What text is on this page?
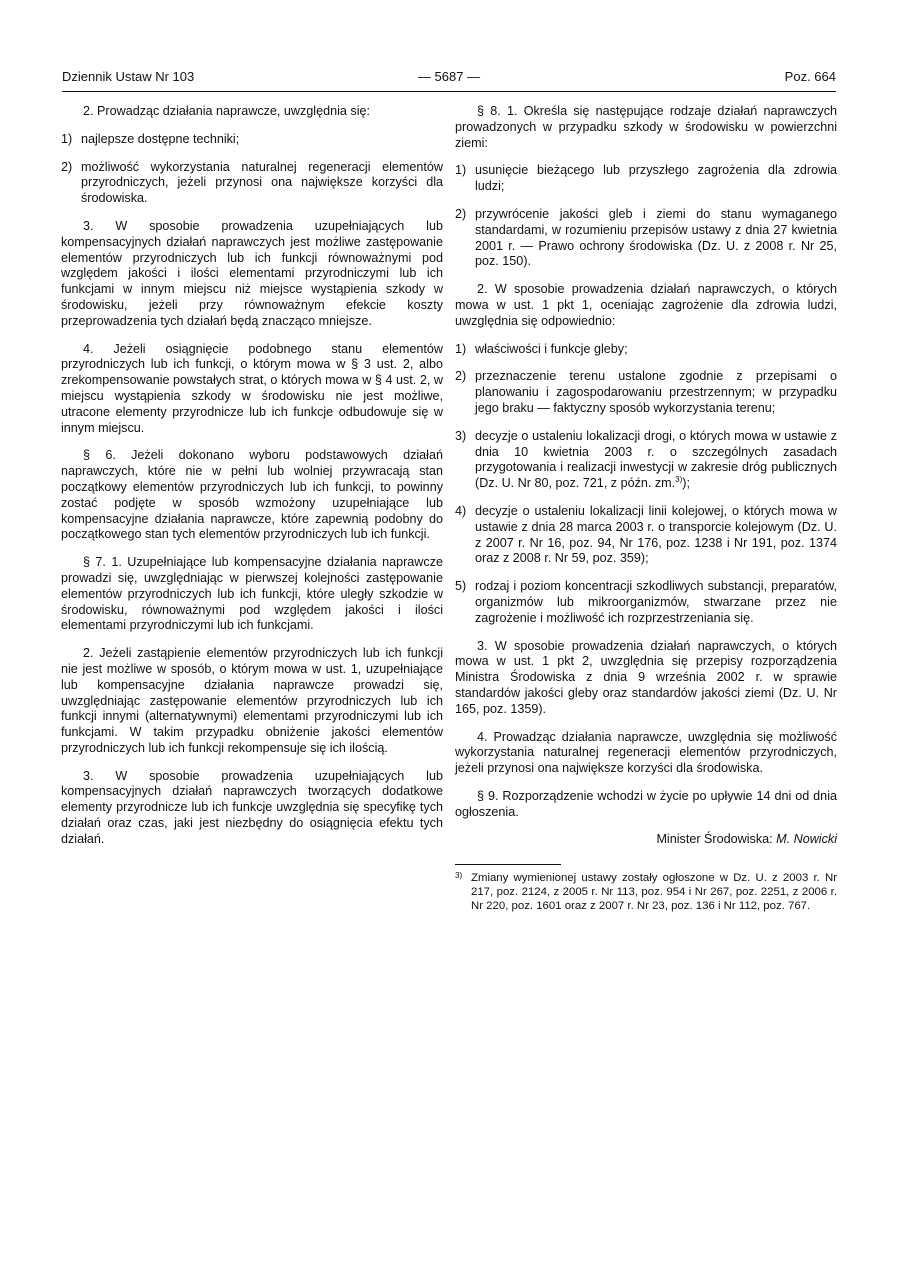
Dziennik Ustaw Nr 103	— 5687 —	Poz. 664

2. Prowadząc działania naprawcze, uwzględnia się:

1) najlepsze dostępne techniki;
2) możliwość wykorzystania naturalnej regeneracji elementów przyrodniczych, jeżeli przynosi ona największe korzyści dla środowiska.

3. W sposobie prowadzenia uzupełniających lub kompensacyjnych działań naprawczych jest możliwe zastępowanie elementów przyrodniczych lub ich funkcji równoważnymi pod względem jakości i ilości elementami przyrodniczymi lub ich funkcjami w innym miejscu niż miejsce wystąpienia szkody w środowisku, jeżeli przy równoważnym efekcie koszty przeprowadzenia tych działań będą znacząco mniejsze.

4. Jeżeli osiągnięcie podobnego stanu elementów przyrodniczych lub ich funkcji, o którym mowa w § 3 ust. 2, albo zrekompensowanie powstałych strat, o których mowa w § 4 ust. 2, w miejscu wystąpienia szkody w środowisku nie jest możliwe, utracone elementy przyrodnicze lub ich funkcje odbudowuje się w innym miejscu.

§ 6. Jeżeli dokonano wyboru podstawowych działań naprawczych, które nie w pełni lub wolniej przywracają stan początkowy elementów przyrodniczych lub ich funkcji, to powinny zostać podjęte w sposób wzmożony uzupełniające lub kompensacyjne działania naprawcze, które zapewnią podobny do początkowego stan tych elementów przyrodniczych lub ich funkcji.

§ 7. 1. Uzupełniające lub kompensacyjne działania naprawcze prowadzi się, uwzględniając w pierwszej kolejności zastępowanie elementów przyrodniczych lub ich funkcji, które uległy szkodzie w środowisku, równoważnymi pod względem jakości i ilości elementami przyrodniczymi lub ich funkcjami.

2. Jeżeli zastąpienie elementów przyrodniczych lub ich funkcji nie jest możliwe w sposób, o którym mowa w ust. 1, uzupełniające lub kompensacyjne działania naprawcze prowadzi się, uwzględniając zastępowanie elementów przyrodniczych lub ich funkcji innymi (alternatywnymi) elementami przyrodniczymi lub ich funkcjami. W takim przypadku obniżenie jakości elementów przyrodniczych lub ich funkcji rekompensuje się ich ilością.

3. W sposobie prowadzenia uzupełniających lub kompensacyjnych działań naprawczych tworzących dodatkowe elementy przyrodnicze lub ich funkcje uwzględnia się specyfikę tych działań oraz czas, jaki jest niezbędny do osiągnięcia efektu tych działań.

§ 8. 1. Określa się następujące rodzaje działań naprawczych prowadzonych w przypadku szkody w środowisku w powierzchni ziemi:

1) usunięcie bieżącego lub przyszłego zagrożenia dla zdrowia ludzi;
2) przywrócenie jakości gleb i ziemi do stanu wymaganego standardami, w rozumieniu przepisów ustawy z dnia 27 kwietnia 2001 r. — Prawo ochrony środowiska (Dz. U. z 2008 r. Nr 25, poz. 150).

2. W sposobie prowadzenia działań naprawczych, o których mowa w ust. 1 pkt 1, oceniając zagrożenie dla zdrowia ludzi, uwzględnia się odpowiednio:

1) właściwości i funkcje gleby;
2) przeznaczenie terenu ustalone zgodnie z przepisami o planowaniu i zagospodarowaniu przestrzennym; w przypadku jego braku — faktyczny sposób wykorzystania terenu;
3) decyzje o ustaleniu lokalizacji drogi, o których mowa w ustawie z dnia 10 kwietnia 2003 r. o szczególnych zasadach przygotowania i realizacji inwestycji w zakresie dróg publicznych (Dz. U. Nr 80, poz. 721, z późn. zm.$^{3)}$);
4) decyzje o ustaleniu lokalizacji linii kolejowej, o których mowa w ustawie z dnia 28 marca 2003 r. o transporcie kolejowym (Dz. U. z 2007 r. Nr 16, poz. 94, Nr 176, poz. 1238 i Nr 191, poz. 1374 oraz z 2008 r. Nr 59, poz. 359);
5) rodzaj i poziom koncentracji szkodliwych substancji, preparatów, organizmów lub mikroorganizmów, stwarzane przez nie zagrożenie i możliwość ich rozprzestrzeniania się.

3. W sposobie prowadzenia działań naprawczych, o których mowa w ust. 1 pkt 2, uwzględnia się przepisy rozporządzenia Ministra Środowiska z dnia 9 września 2002 r. w sprawie standardów jakości gleby oraz standardów jakości ziemi (Dz. U. Nr 165, poz. 1359).

4. Prowadząc działania naprawcze, uwzględnia się możliwość wykorzystania naturalnej regeneracji elementów przyrodniczych, jeżeli przynosi ona największe korzyści dla środowiska.

§ 9. Rozporządzenie wchodzi w życie po upływie 14 dni od dnia ogłoszenia.

Minister Środowiska: M. Nowicki
3) Zmiany wymienionej ustawy zostały ogłoszone w Dz. U. z 2003 r. Nr 217, poz. 2124, z 2005 r. Nr 113, poz. 954 i Nr 267, poz. 2251, z 2006 r. Nr 220, poz. 1601 oraz z 2007 r. Nr 23, poz. 136 i Nr 112, poz. 767.
